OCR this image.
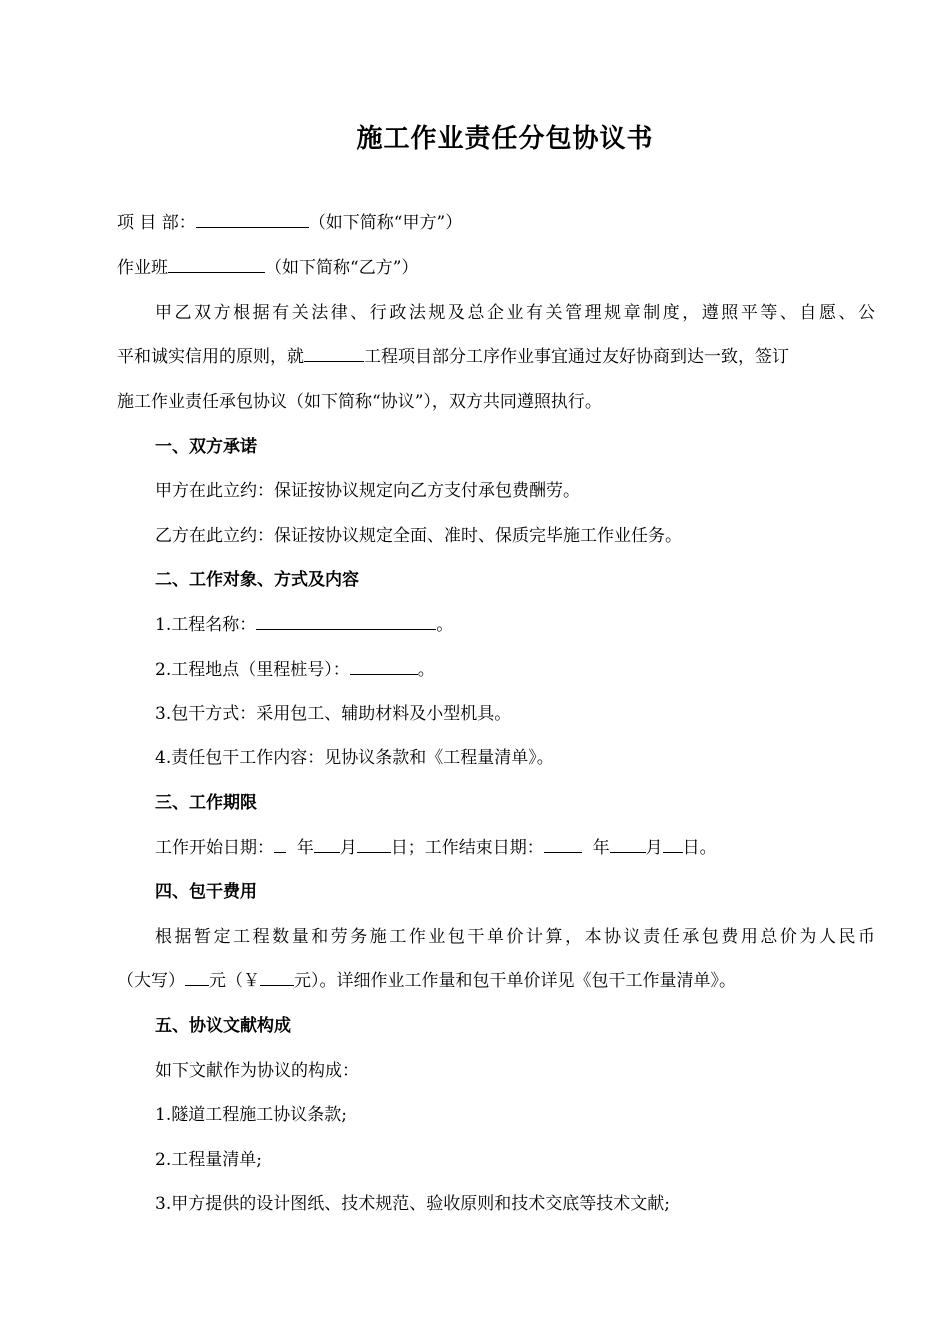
施工作业责任分包协议书
项 目 部：	（如下简称“甲方”）
作业班	（如下简称“乙方”）
甲乙双方根据有关法律、行政法规及总企业有关管理规章制度，遵照平等、自愿、公
平和诚实信用的原则，就	工程项目部分工序作业事宜通过友好协商到达一致，签订
施工作业责任承包协议（如下简称“协议”），双方共同遵照执行。
一、双方承诺
甲方在此立约：保证按协议规定向乙方支付承包费酬劳。
乙方在此立约：保证按协议规定全面、准时、保质完毕施工作业任务。
二、工作对象、方式及内容
1.工程名称：	。
2.工程地点（里程桩号）：	。
3.包干方式：采用包工、辅助材料及小型机具。
4.责任包干工作内容：见协议条款和《工程量清单》。
三、工作期限
工作开始日期： 年 月 日；工作结束日期：	年 月 日。
四、包干费用
根据暂定工程数量和劳务施工作业包干单价计算，本协议责任承包费用总价为人民币
（大写） 元（￥ 元）。详细作业工作量和包干单价详见《包干工作量清单》。
五、协议文献构成
如下文献作为协议的构成：
1.隧道工程施工协议条款;
2.工程量清单;
3.甲方提供的设计图纸、技术规范、验收原则和技术交底等技术文献;
